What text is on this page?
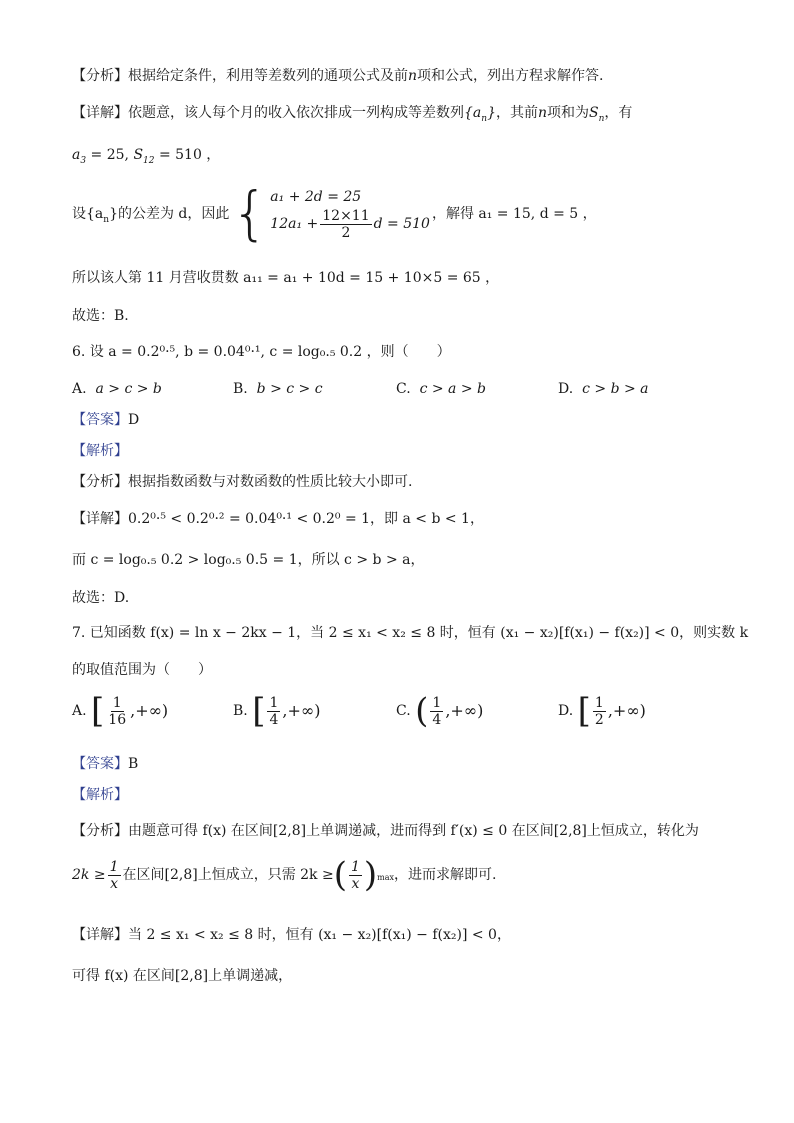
【分析】根据给定条件，利用等差数列的通项公式及前n项和公式，列出方程求解作答.
【详解】依题意，该人每个月的收入依次排成一列构成等差数列$\{a_n\}$，其前n项和为$S_n$，有
$a_3 = 25$, $S_{12} = 510$ ，
设$\{a_n\}$的公差为 d，因此 { a₁ + 2d = 25
$12a_1 + \frac{12\times 11}{2}$ d = 510
，解得 a₁ = 15, d = 5 ，
所以该人第 11 月营收贯数 a₁₁ = a₁ + 10d = 15 + 10×5 = 65 ，
故选：B.
6. 设 a = 0.2⁰·⁵, b = 0.04⁰·¹, c = log₀.₅ 0.2 ，则（　　）
A. a > c > b	B. b > c > c	C. c > a > b	D. c > b > a
【答案】D
【解析】
【分析】根据指数函数与对数函数的性质比较大小即可.
【详解】0.2⁰·⁵ < 0.2⁰·² = 0.04⁰·¹ < 0.2⁰ = 1，即 a < b < 1，
而 c = log₀.₅ 0.2 > log₀.₅ 0.5 = 1，所以 c > b > a，
故选：D.
7. 已知函数 f(x) = ln x − 2kx − 1，当 2 ≤ x₁ < x₂ ≤ 8 时，恒有 (x₁ − x₂)[f(x₁) − f(x₂)] < 0，则实数 k
的取值范围为（　　）
A.
[ $\frac{1}{16}$ ,+∞)	B.
[ $\frac{1}{4}$ ,+∞)	C.
( $\frac{1}{4}$ ,+∞)	D.
[ $\frac{1}{2}$ ,+∞)
【答案】B
【解析】
【分析】由题意可得 f(x) 在区间[2,8]上单调递减，进而得到 f′(x) ≤ 0 在区间[2,8]上恒成立，转化为
$2k \ge \frac{1}{x}$ 在区间[2,8]上恒成立，只需 2k ≥ ( $\frac{1}{x}$ ) max ，进而求解即可.
【详解】当 2 ≤ x₁ < x₂ ≤ 8 时，恒有 (x₁ − x₂)[f(x₁) − f(x₂)] < 0，
可得 f(x) 在区间[2,8]上单调递减，
